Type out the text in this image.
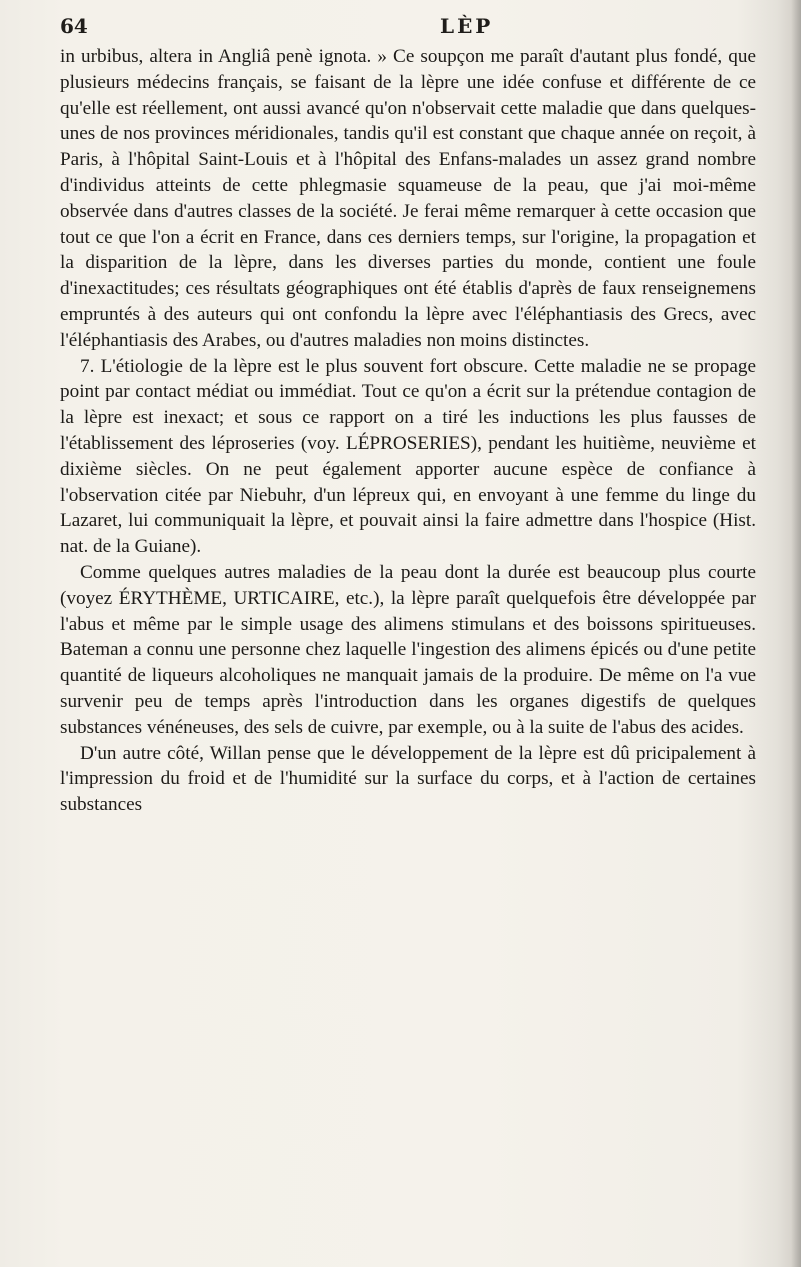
64	LÈP

in urbibus, altera in Angliâ penè ignota. » Ce soupçon me paraît d'autant plus fondé, que plusieurs médecins français, se faisant de la lèpre une idée confuse et différente de ce qu'elle est réellement, ont aussi avancé qu'on n'observait cette maladie que dans quelques-unes de nos provinces méridionales, tandis qu'il est constant que chaque année on reçoit, à Paris, à l'hôpital Saint-Louis et à l'hôpital des Enfans-malades un assez grand nombre d'individus atteints de cette phlegmasie squameuse de la peau, que j'ai moi-même observée dans d'autres classes de la société. Je ferai même remarquer à cette occasion que tout ce que l'on a écrit en France, dans ces derniers temps, sur l'origine, la propagation et la disparition de la lèpre, dans les diverses parties du monde, contient une foule d'inexactitudes; ces résultats géographiques ont été établis d'après de faux renseignemens empruntés à des auteurs qui ont confondu la lèpre avec l'éléphantiasis des Grecs, avec l'éléphantiasis des Arabes, ou d'autres maladies non moins distinctes.

7. L'étiologie de la lèpre est le plus souvent fort obscure. Cette maladie ne se propage point par contact médiat ou immédiat. Tout ce qu'on a écrit sur la prétendue contagion de la lèpre est inexact; et sous ce rapport on a tiré les inductions les plus fausses de l'établissement des léproseries (voy. LÉPROSERIES), pendant les huitième, neuvième et dixième siècles. On ne peut également apporter aucune espèce de confiance à l'observation citée par Niebuhr, d'un lépreux qui, en envoyant à une femme du linge du Lazaret, lui communiquait la lèpre, et pouvait ainsi la faire admettre dans l'hospice (Hist. nat. de la Guiane).

Comme quelques autres maladies de la peau dont la durée est beaucoup plus courte (voyez ÉRYTHÈME, URTICAIRE, etc.), la lèpre paraît quelquefois être développée par l'abus et même par le simple usage des alimens stimulans et des boissons spiritueuses. Bateman a connu une personne chez laquelle l'ingestion des alimens épicés ou d'une petite quantité de liqueurs alcoholiques ne manquait jamais de la produire. De même on l'a vue survenir peu de temps après l'introduction dans les organes digestifs de quelques substances vénéneuses, des sels de cuivre, par exemple, ou à la suite de l'abus des acides.

D'un autre côté, Willan pense que le développement de la lèpre est dû pricipalement à l'impression du froid et de l'humidité sur la surface du corps, et à l'action de certaines substances
